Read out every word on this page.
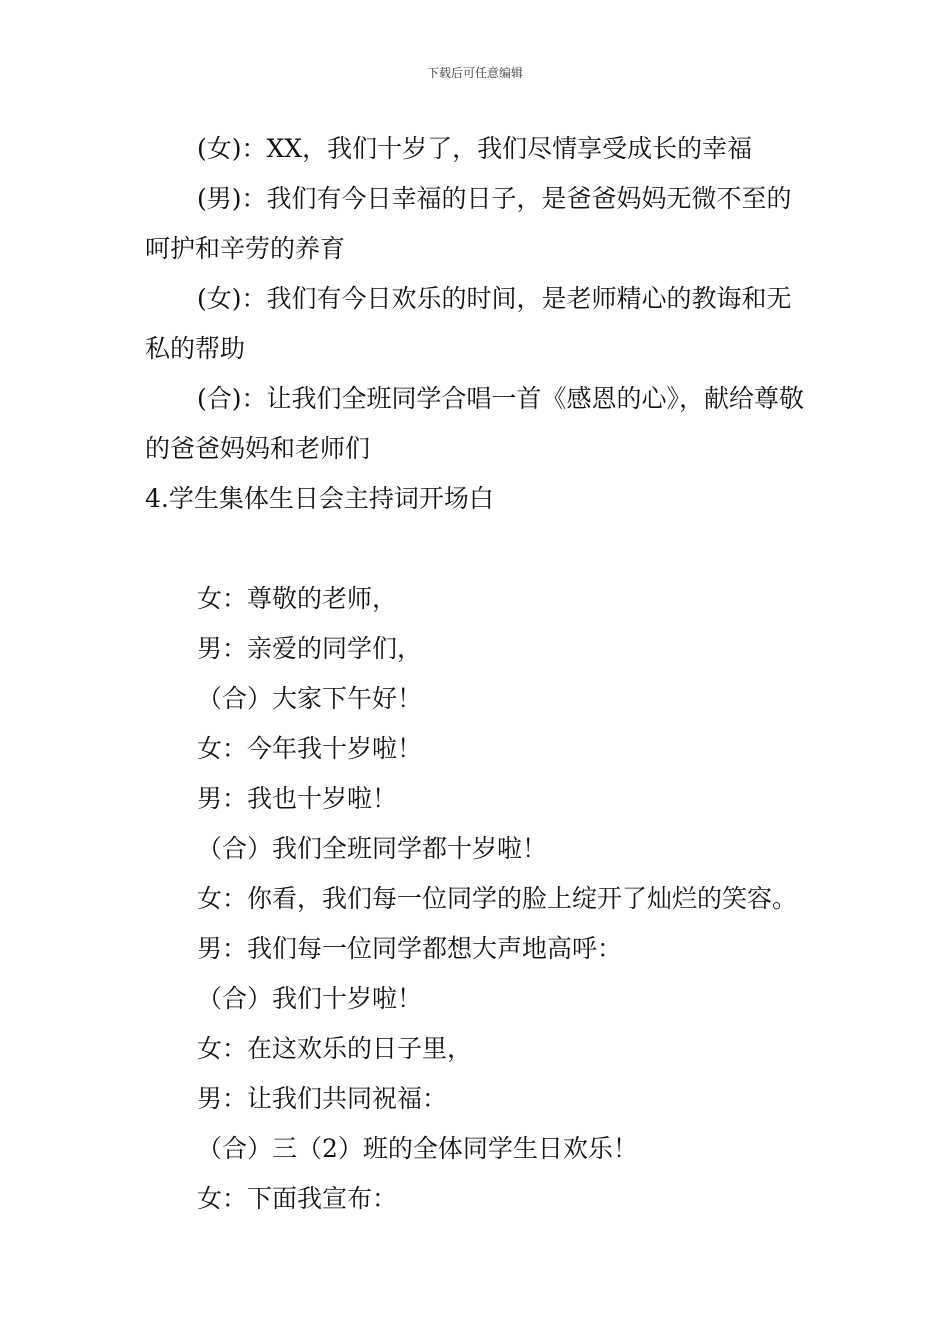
下载后可任意编辑

(女)：XX，我们十岁了，我们尽情享受成长的幸福

(男)：我们有今日幸福的日子，是爸爸妈妈无微不至的呵护和辛劳的养育

(女)：我们有今日欢乐的时间，是老师精心的教诲和无私的帮助

(合)：让我们全班同学合唱一首《感恩的心》，献给尊敬的爸爸妈妈和老师们

4.学生集体生日会主持词开场白

女：尊敬的老师，

男：亲爱的同学们，

（合）大家下午好！

女：今年我十岁啦！

男：我也十岁啦！

（合）我们全班同学都十岁啦！

女：你看，我们每一位同学的脸上绽开了灿烂的笑容。

男：我们每一位同学都想大声地高呼：

（合）我们十岁啦！

女：在这欢乐的日子里，

男：让我们共同祝福：

（合）三（2）班的全体同学生日欢乐！

女：下面我宣布：
